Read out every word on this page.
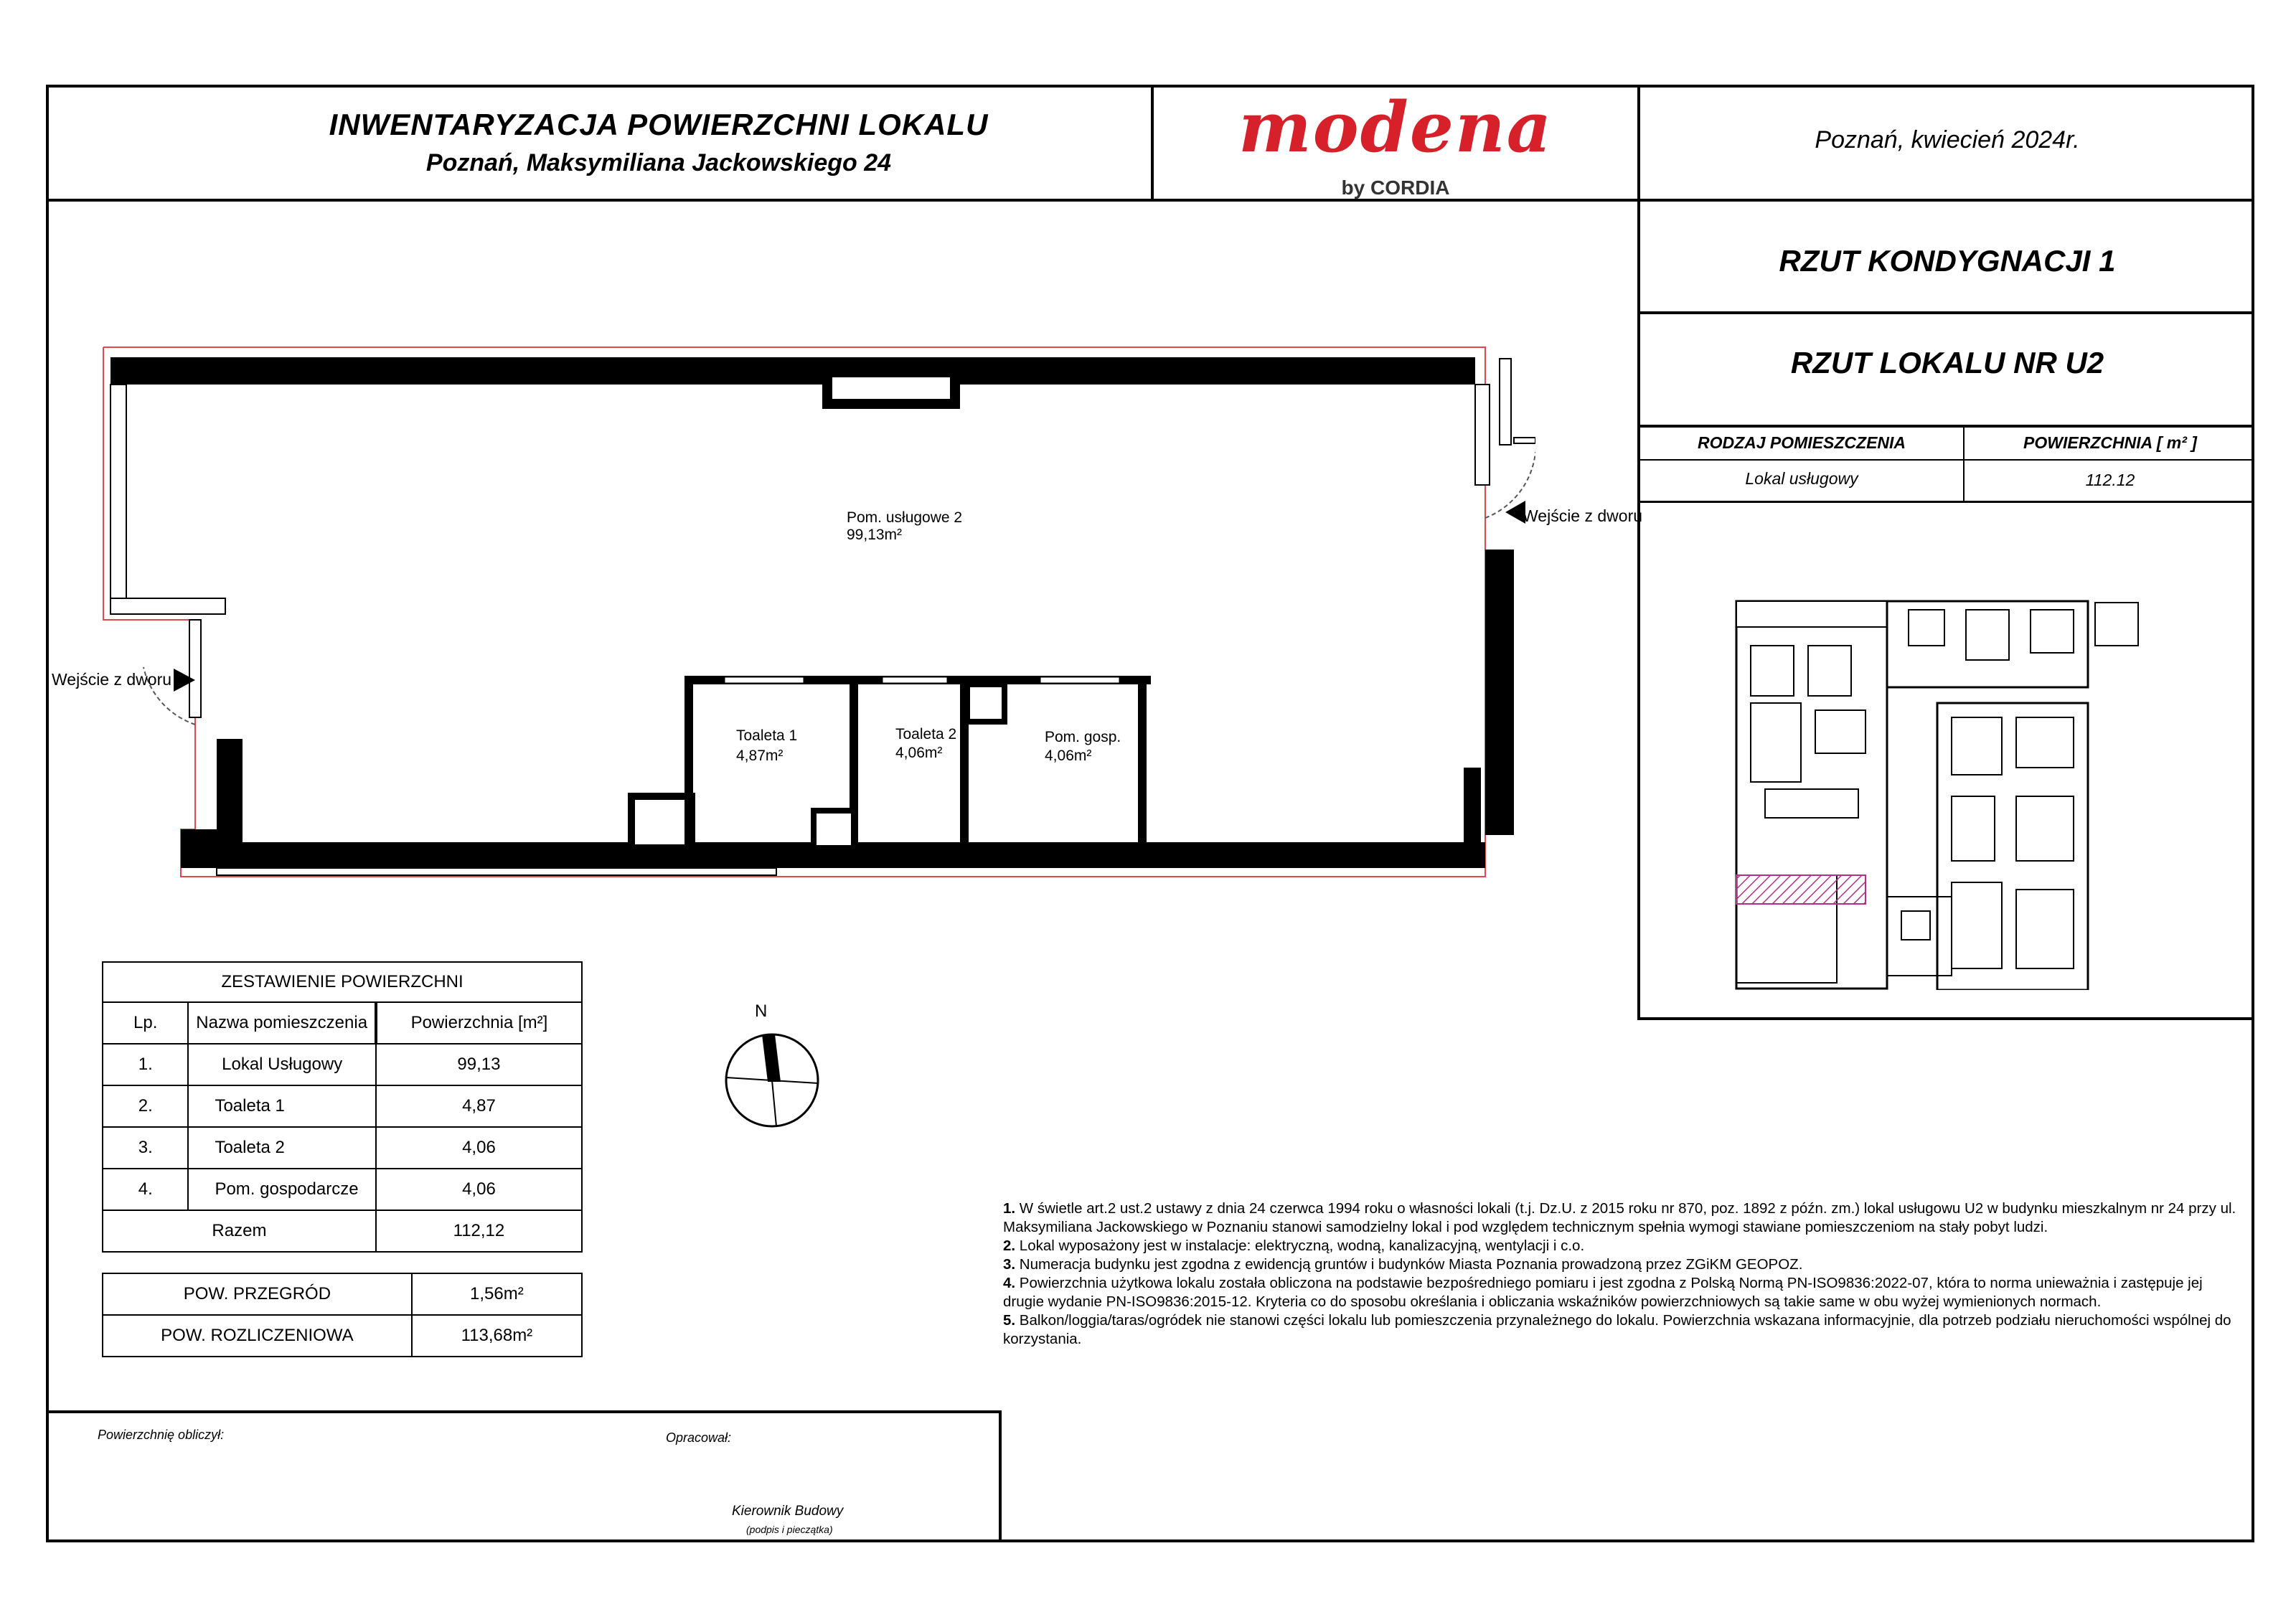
INWENTARYZACJA POWIERZCHNI LOKALU
Poznań, Maksymiliana Jackowskiego 24	modena
by CORDIA
Poznań, kwiecień 2024r.
RZUT KONDYGNACJI 1
RZUT LOKALU NR U2
RODZAJ POMIESZCZENIA	POWIERZCHNIA [ m² ]
Lokal usługowy	112.12
Pom. usługowe 2
99,13m²
Wejście z dworu
Wejście z dworu
Toaleta 1
4,87m²
Toaleta 2
4,06m²
Pom. gosp.
4,06m²
N
ZESTAWIENIE POWIERZCHNI		
Lp.	Nazwa pomieszczenia	Powierzchnia [m²]
1.	Lokal Usługowy	99,13
2.	Toaleta 1	4,87
3.	Toaleta 2	4,06
4.	Pom. gospodarcze	4,06
Razem		112,12
POW. PRZEGRÓD	1,56m²
POW. ROZLICZENIOWA	113,68m²

1. W świetle art.2 ust.2 ustawy z dnia 24 czerwca 1994 roku o własności lokali (t.j. Dz.U. z 2015 roku nr 870, poz. 1892 z późn. zm.) lokal usługowu U2 w budynku mieszkalnym nr 24 przy ul. Maksymiliana Jackowskiego w Poznaniu stanowi samodzielny lokal i pod względem technicznym spełnia wymogi stawiane pomieszczeniom na stały pobyt ludzi.

2. Lokal wyposażony jest w instalacje: elektryczną, wodną, kanalizacyjną, wentylacji i c.o.

3. Numeracja budynku jest zgodna z ewidencją gruntów i budynków Miasta Poznania prowadzoną przez ZGiKM GEOPOZ.

4. Powierzchnia użytkowa lokalu została obliczona na podstawie bezpośredniego pomiaru i jest zgodna z Polską Normą PN-ISO9836:2022-07, która to norma unieważnia i zastępuje jej drugie wydanie PN-ISO9836:2015-12. Kryteria co do sposobu określania i obliczania wskaźników powierzchniowych są takie same w obu wyżej wymienionych normach.

5. Balkon/loggia/taras/ogródek nie stanowi części lokalu lub pomieszczenia przynależnego do lokalu. Powierzchnia wskazana informacyjnie, dla potrzeb podziału nieruchomości wspólnej do korzystania.

Powierzchnię obliczył:	Opracował:
Kierownik Budowy
(podpis i pieczątka)
